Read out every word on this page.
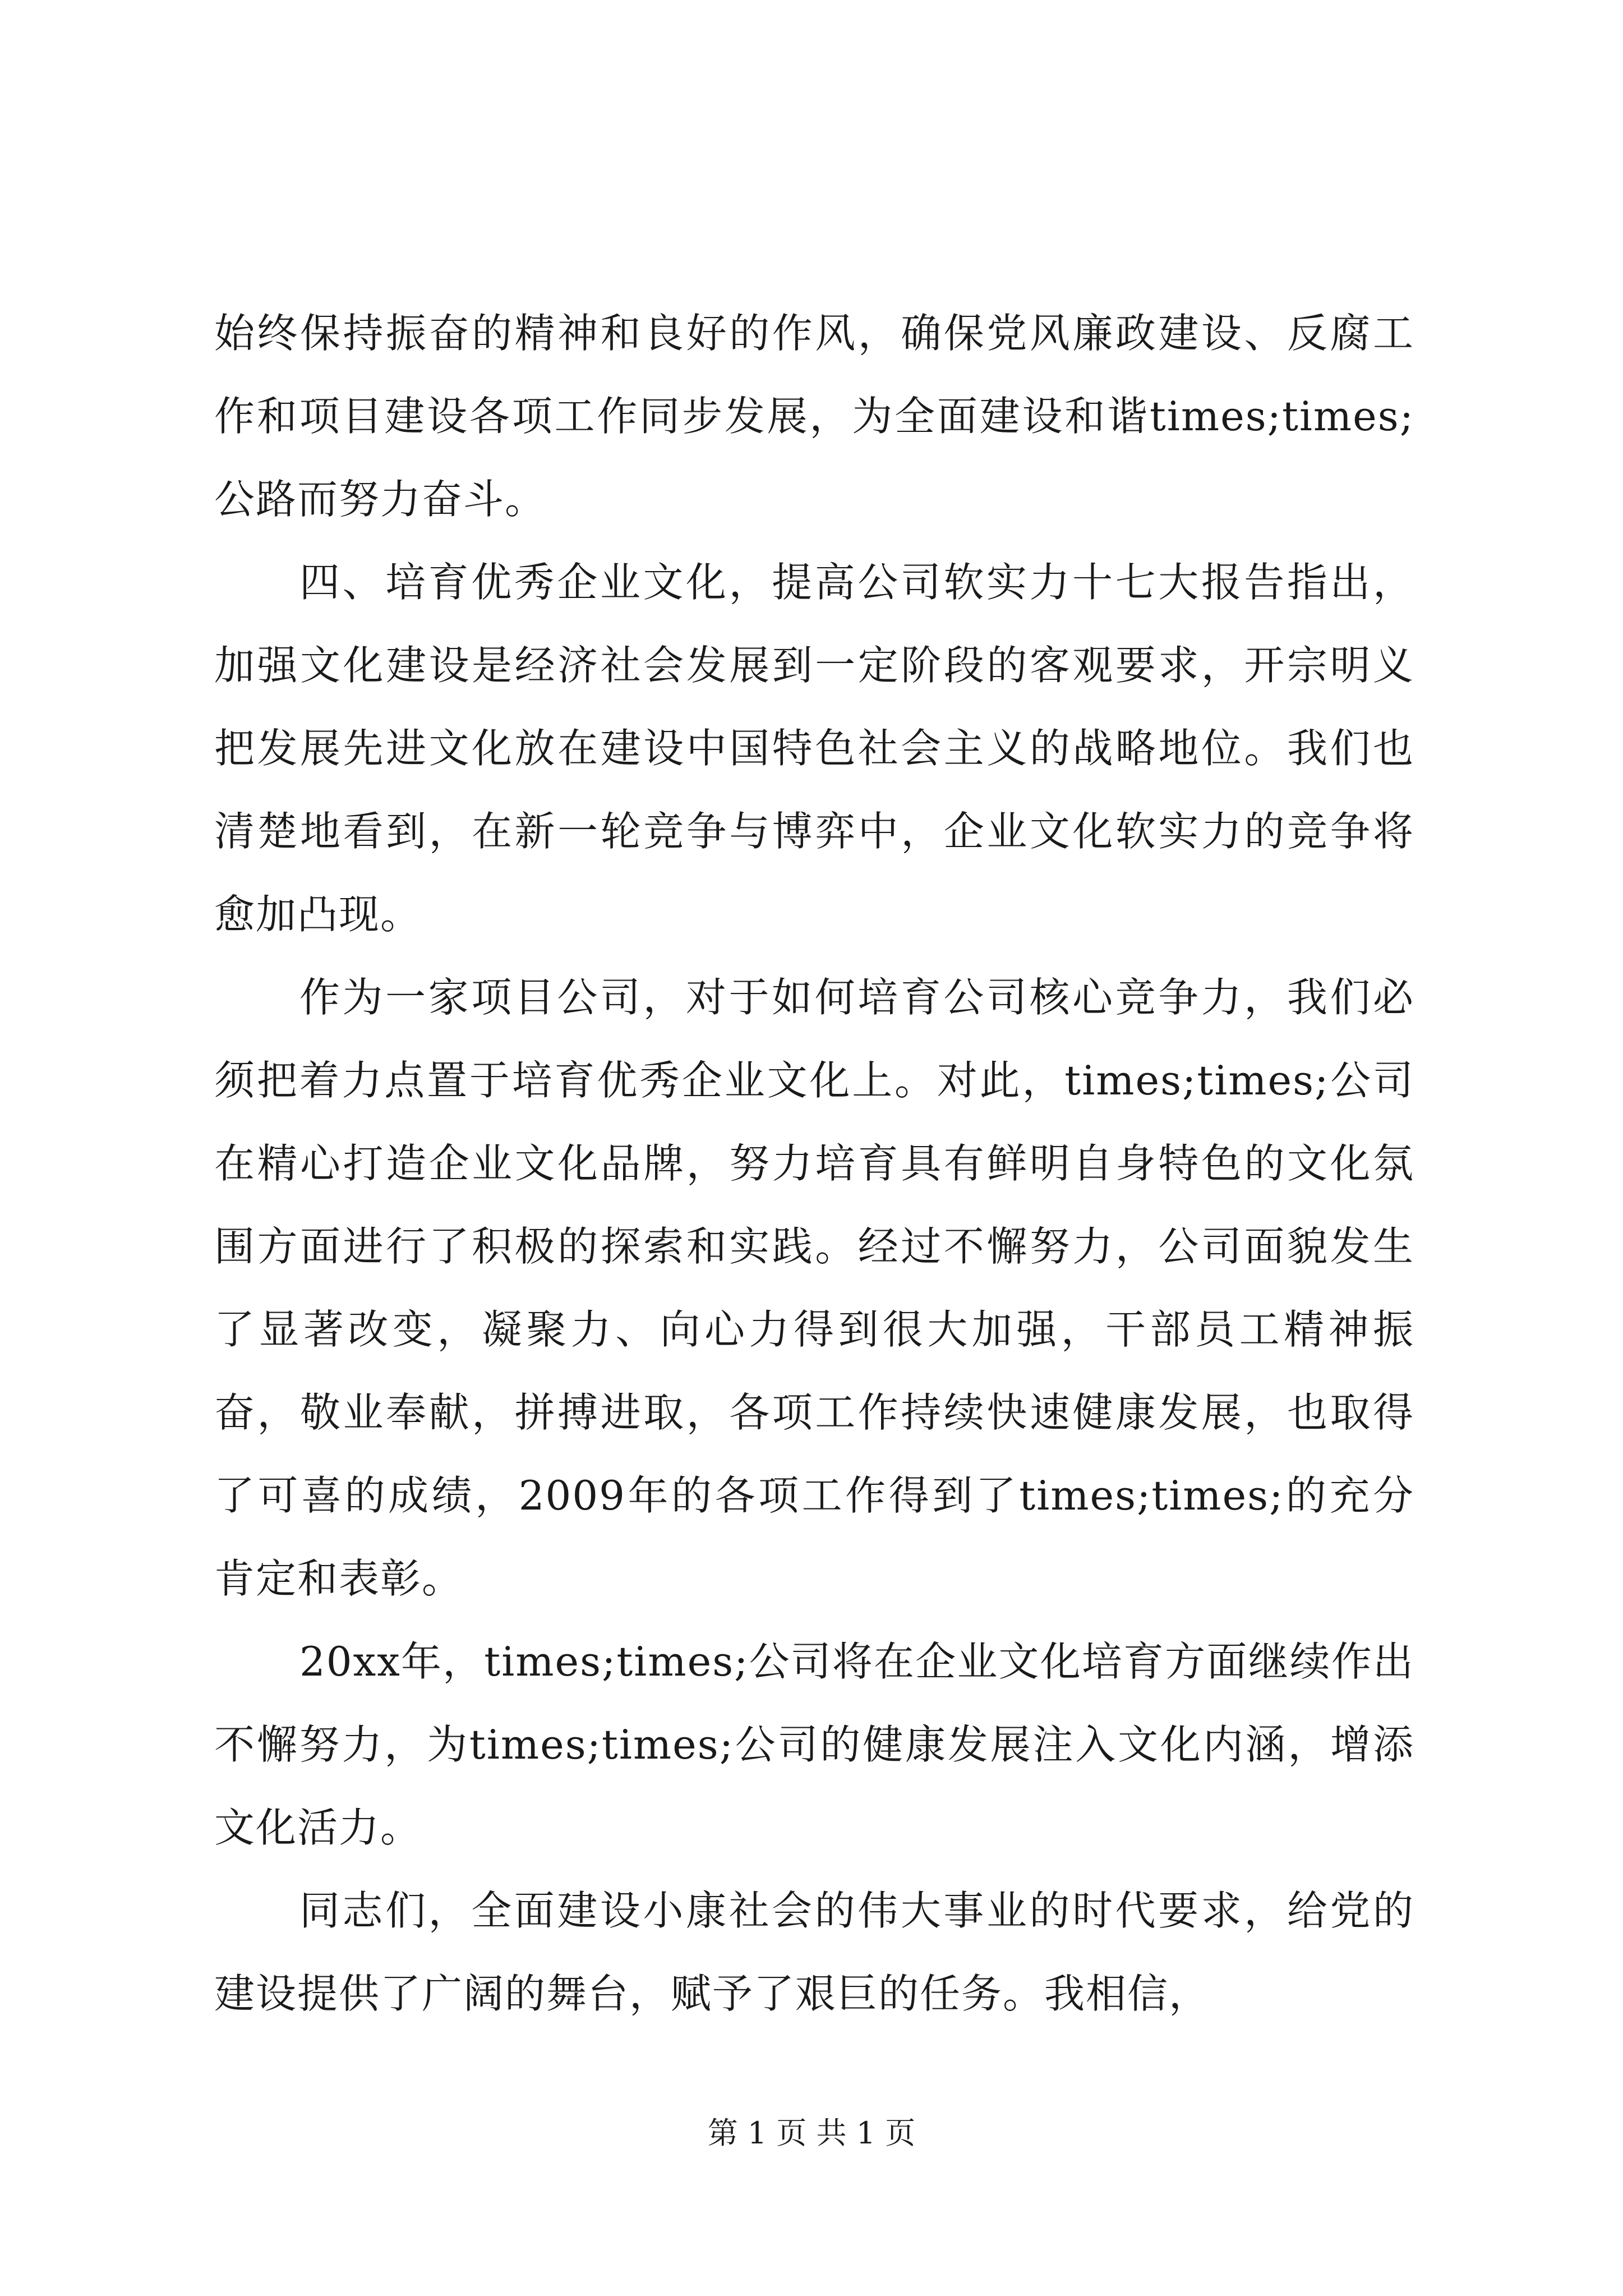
始终保持振奋的精神和良好的作风，确保党风廉政建设、反腐工作和项目建设各项工作同步发展，为全面建设和谐times;times;公路而努力奋斗。

四、培育优秀企业文化，提高公司软实力十七大报告指出，加强文化建设是经济社会发展到一定阶段的客观要求，开宗明义把发展先进文化放在建设中国特色社会主义的战略地位。我们也清楚地看到，在新一轮竞争与博弈中，企业文化软实力的竞争将愈加凸现。

作为一家项目公司，对于如何培育公司核心竞争力，我们必须把着力点置于培育优秀企业文化上。对此，times;times;公司在精心打造企业文化品牌，努力培育具有鲜明自身特色的文化氛围方面进行了积极的探索和实践。经过不懈努力，公司面貌发生了显著改变，凝聚力、向心力得到很大加强，干部员工精神振奋，敬业奉献，拼搏进取，各项工作持续快速健康发展，也取得了可喜的成绩，2009年的各项工作得到了times;times;的充分肯定和表彰。

20xx年，times;times;公司将在企业文化培育方面继续作出不懈努力，为times;times;公司的健康发展注入文化内涵，增添文化活力。

同志们，全面建设小康社会的伟大事业的时代要求，给党的建设提供了广阔的舞台，赋予了艰巨的任务。我相信，

第 1 页 共 1 页
